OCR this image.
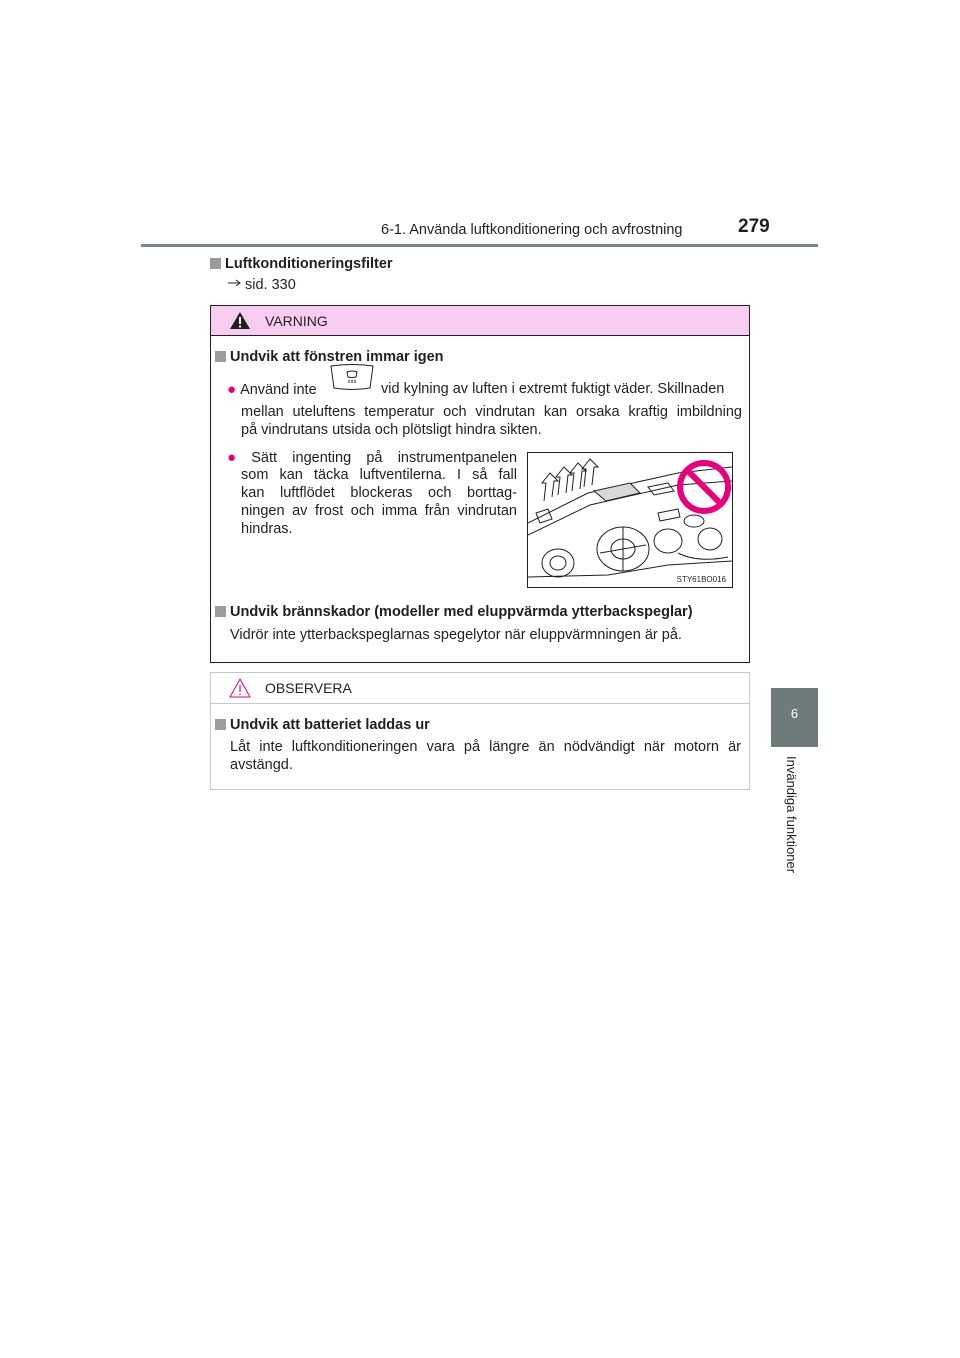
6-1. Använda luftkonditionering och avfrostning	279
6
Invändiga funktioner
Luftkonditioneringsfilter
sid. 330
VARNING
Undvik att fönstren immar igen
● Använd inte	vid kylning av luften i extremt fuktigt väder. Skillnaden
mellan uteluftens temperatur och vindrutan kan orsaka kraftig imbildning
på vindrutans utsida och plötsligt hindra sikten.
● Sätt ingenting på instrumentpanelen
som kan täcka luftventilerna. I så fall
kan luftflödet blockeras och borttag-
ningen av frost och imma från vindrutan
hindras.
STY61BO016
Undvik brännskador (modeller med eluppvärmda ytterbackspeglar)
Vidrör inte ytterbackspeglarnas spegelytor när eluppvärmningen är på.
OBSERVERA
Undvik att batteriet laddas ur
Låt inte luftkonditioneringen vara på längre än nödvändigt när motorn är
avstängd.
